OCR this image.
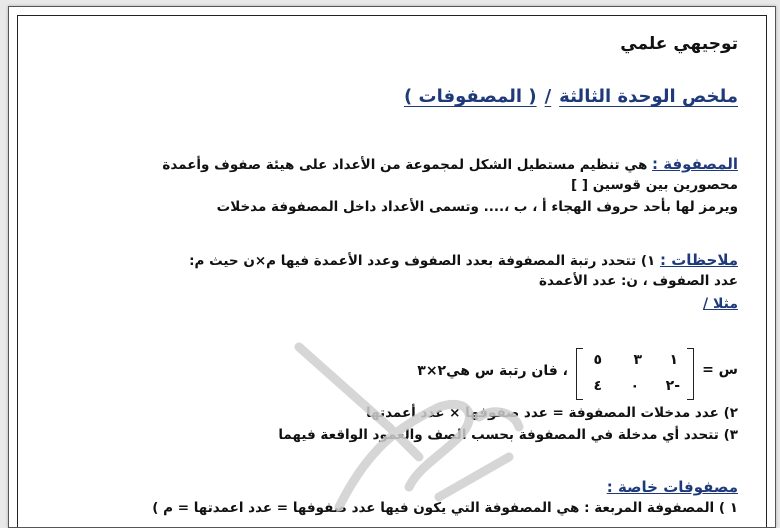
توجيهي علمي
ملخص الوحدة الثالثة/( المصفوفات )
المصفوفة : هي تنظيم مستطيل الشكل لمجموعة من الأعداد على هيئة صفوف وأعمدة
محصورين بين قوسين [ ]
ويرمز لها بأحد حروف الهجاء أ ، ب ،.... وتسمى الأعداد داخل المصفوفة مدخلات
ملاحظات : ١) تتحدد رتبة المصفوفة بعدد الصفوف وعدد الأعمدة فيها م×ن حيث م:
عدد الصفوف ، ن: عدد الأعمدة
مثلا /
س =
١
٣
٥
٢-
٠
٤
، فان رتبة س هي٢×٣
٢) عدد مدخلات المصفوفة = عدد صفوفها × عدد أعمدتها
٣) تتحدد أي مدخلة في المصفوفة بحسب الصف والعمود الواقعة فيهما
مصفوفات خاصة :
١ ) المصفوفة المربعة : هي المصفوفة التي يكون فيها عدد صفوفها = عدد اعمدتها = م )
